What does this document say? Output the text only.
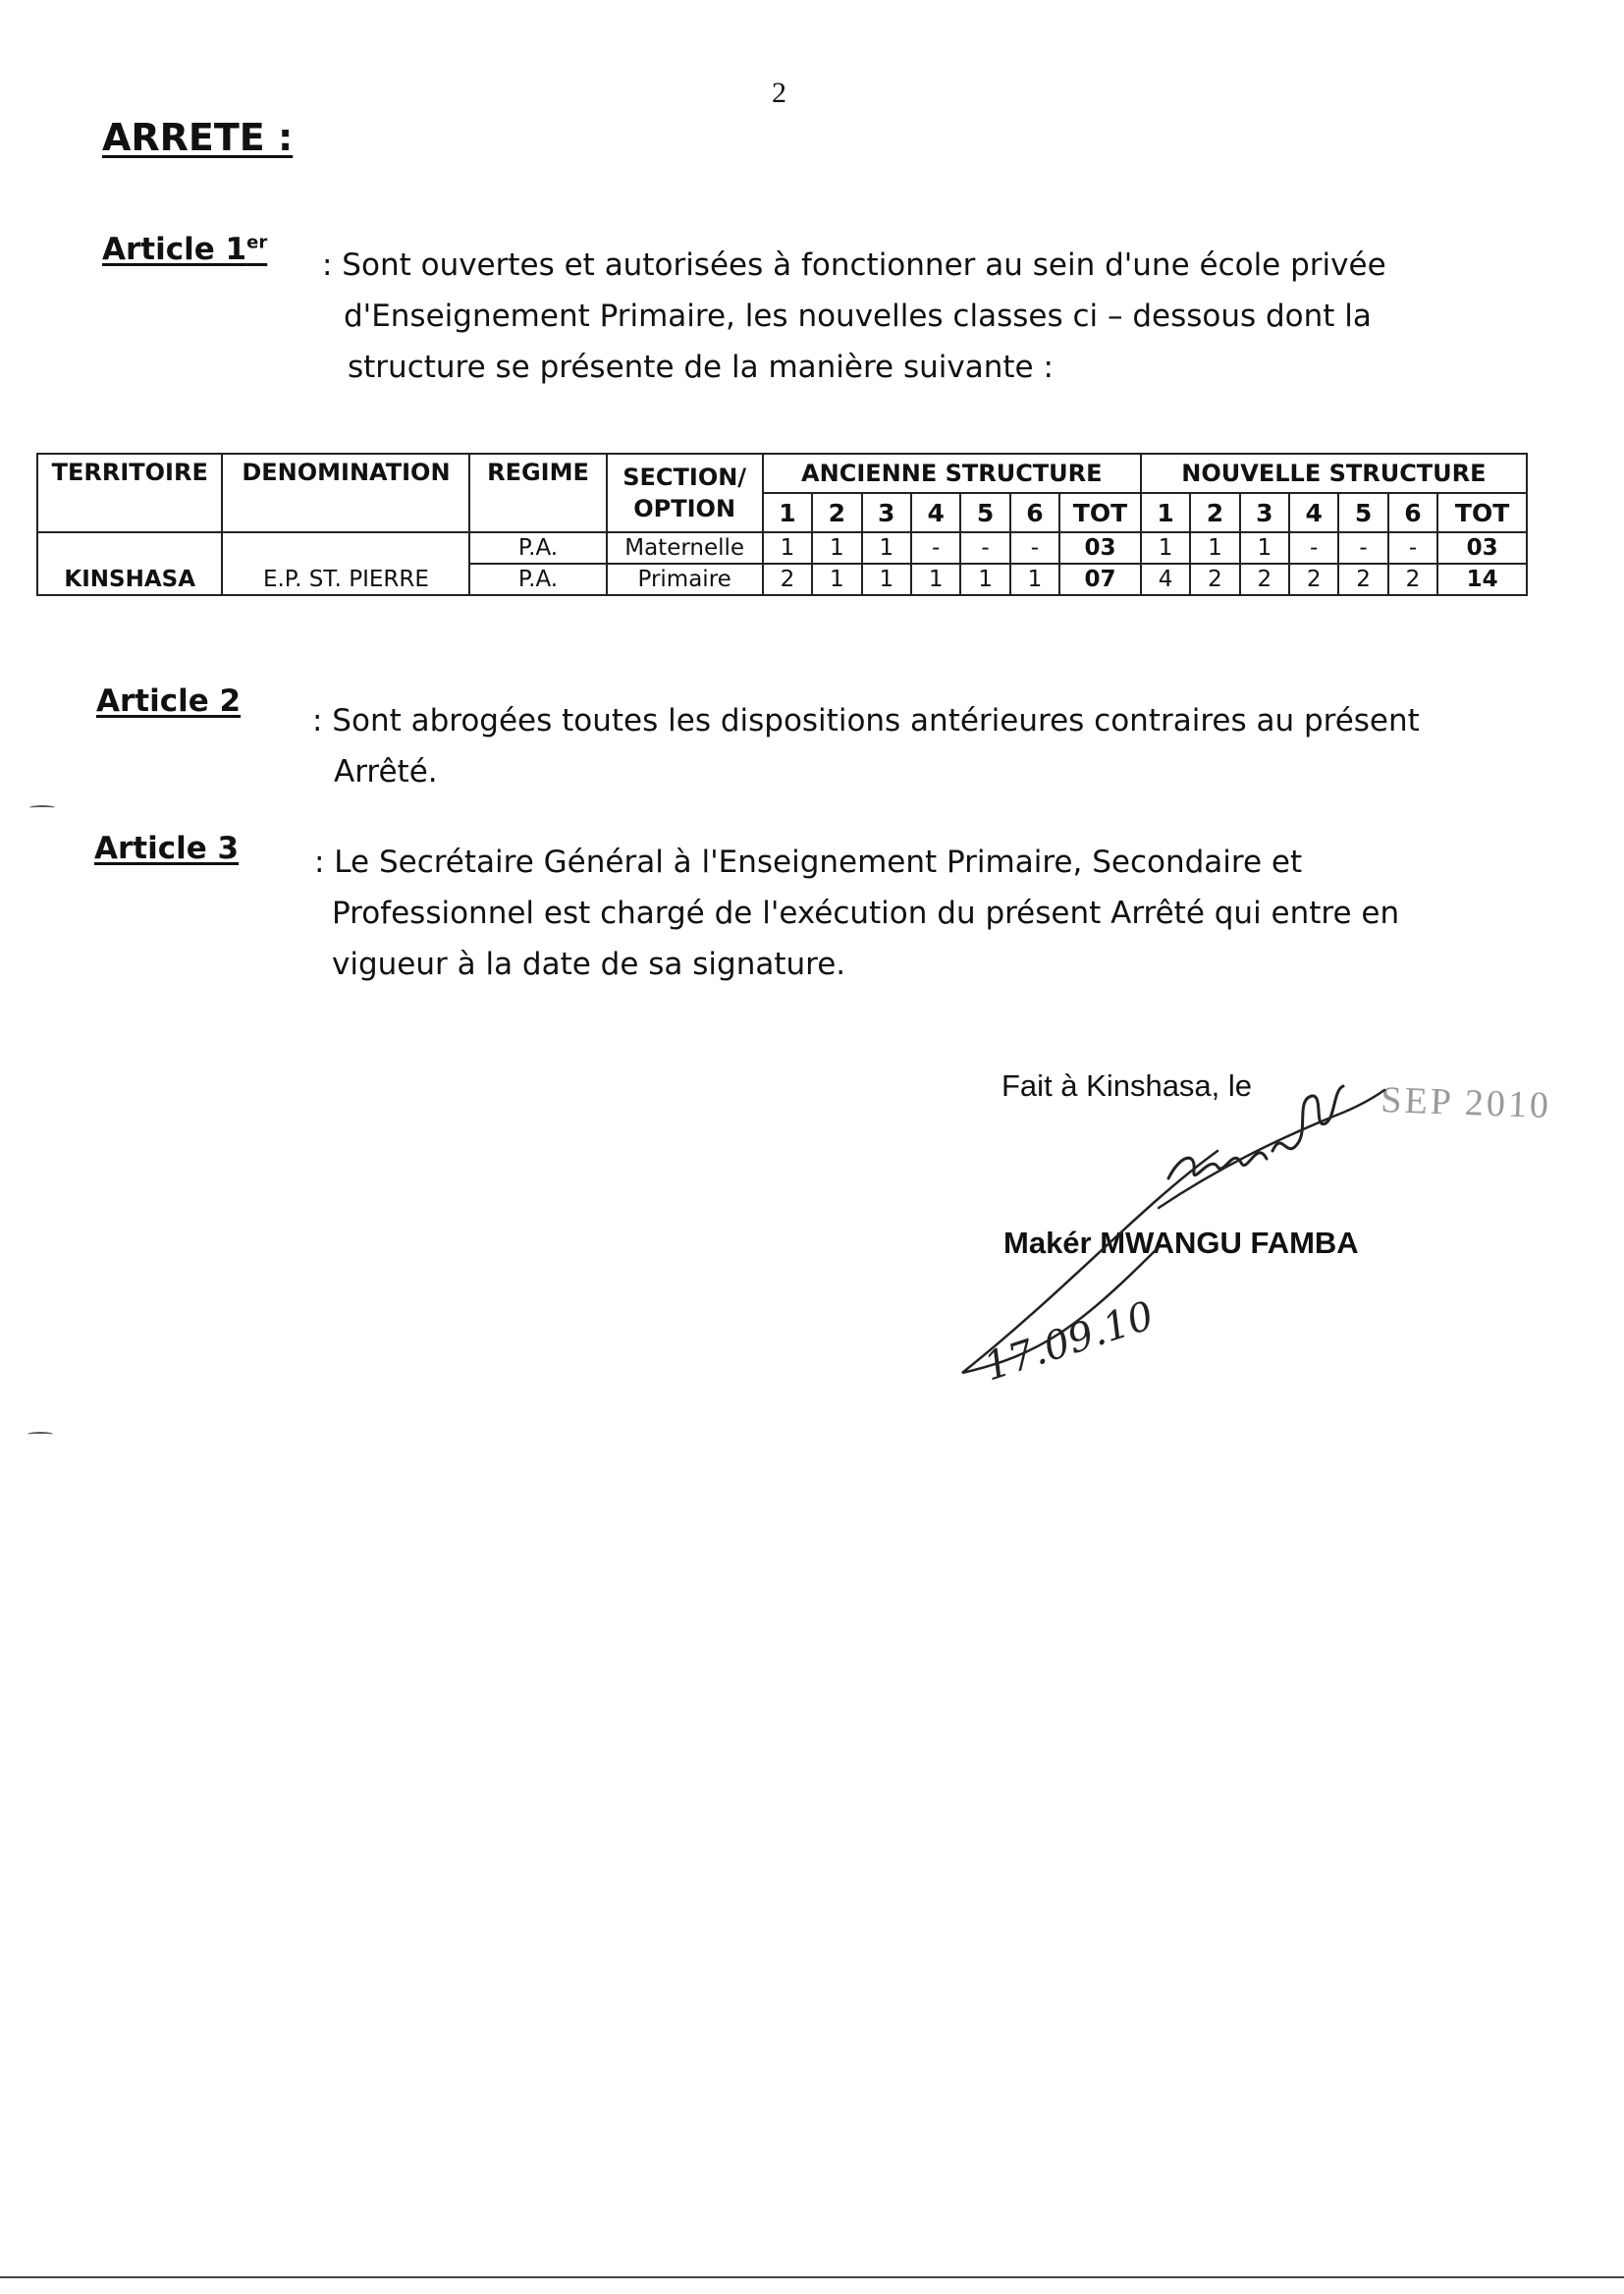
2
ARRETE :
Article 1er
: Sont ouvertes et autorisées à fonctionner au sein d'une école privée
d'Enseignement Primaire, les nouvelles classes ci – dessous dont la
structure se présente de la manière suivante :
TERRITOIRE	DENOMINATION	REGIME	SECTION/
OPTION	ANCIENNE STRUCTURE							NOUVELLE STRUCTURE						
				1	2	3	4	5	6	TOT	1	2	3	4	5	6	TOT
KINSHASA	E.P. ST. PIERRE	P.A.	Maternelle	1	1	1	-	-	-	03	1	1	1	-	-	-	03
		P.A.	Primaire	2	1	1	1	1	1	07	4	2	2	2	2	2	14
Article 2
: Sont abrogées toutes les dispositions antérieures contraires au présent
Arrêté.
Article 3 : Le Secrétaire Général à l'Enseignement Primaire, Secondaire et
Professionnel est chargé de l'exécution du présent Arrêté qui entre en
vigueur à la date de sa signature.
Fait à Kinshasa, le
Makér MWANGU FAMBA
SEP 2010
17.09.10
